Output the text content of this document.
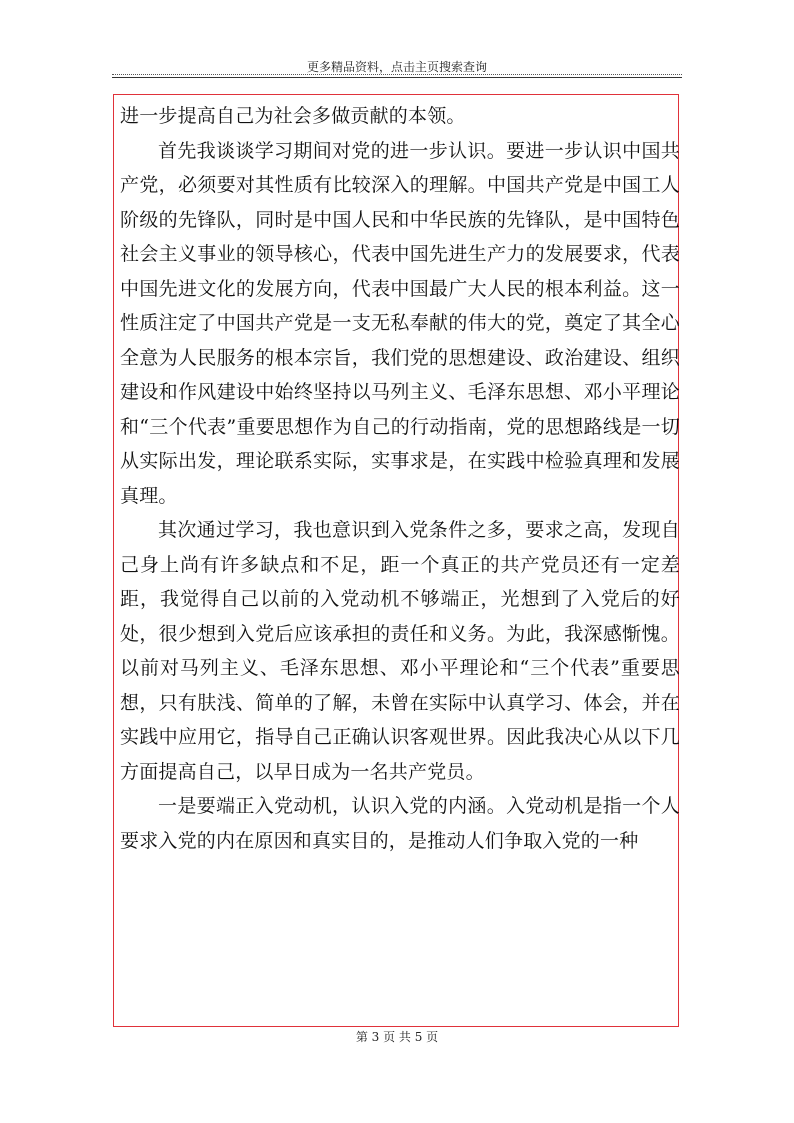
更多精品资料，点击主页搜索查询

进一步提高自己为社会多做贡献的本领。

首先我谈谈学习期间对党的进一步认识。要进一步认识中国共产党，必须要对其性质有比较深入的理解。中国共产党是中国工人阶级的先锋队，同时是中国人民和中华民族的先锋队，是中国特色社会主义事业的领导核心，代表中国先进生产力的发展要求，代表中国先进文化的发展方向，代表中国最广大人民的根本利益。这一性质注定了中国共产党是一支无私奉献的伟大的党，奠定了其全心全意为人民服务的根本宗旨，我们党的思想建设、政治建设、组织建设和作风建设中始终坚持以马列主义、毛泽东思想、邓小平理论和“三个代表”重要思想作为自己的行动指南，党的思想路线是一切从实际出发，理论联系实际，实事求是，在实践中检验真理和发展真理。

其次通过学习，我也意识到入党条件之多，要求之高，发现自己身上尚有许多缺点和不足，距一个真正的共产党员还有一定差距，我觉得自己以前的入党动机不够端正，光想到了入党后的好处，很少想到入党后应该承担的责任和义务。为此，我深感惭愧。以前对马列主义、毛泽东思想、邓小平理论和“三个代表”重要思想，只有肤浅、简单的了解，未曾在实际中认真学习、体会，并在实践中应用它，指导自己正确认识客观世界。因此我决心从以下几方面提高自己，以早日成为一名共产党员。

一是要端正入党动机，认识入党的内涵。入党动机是指一个人要求入党的内在原因和真实目的，是推动人们争取入党的一种

第 3 页 共 5 页
